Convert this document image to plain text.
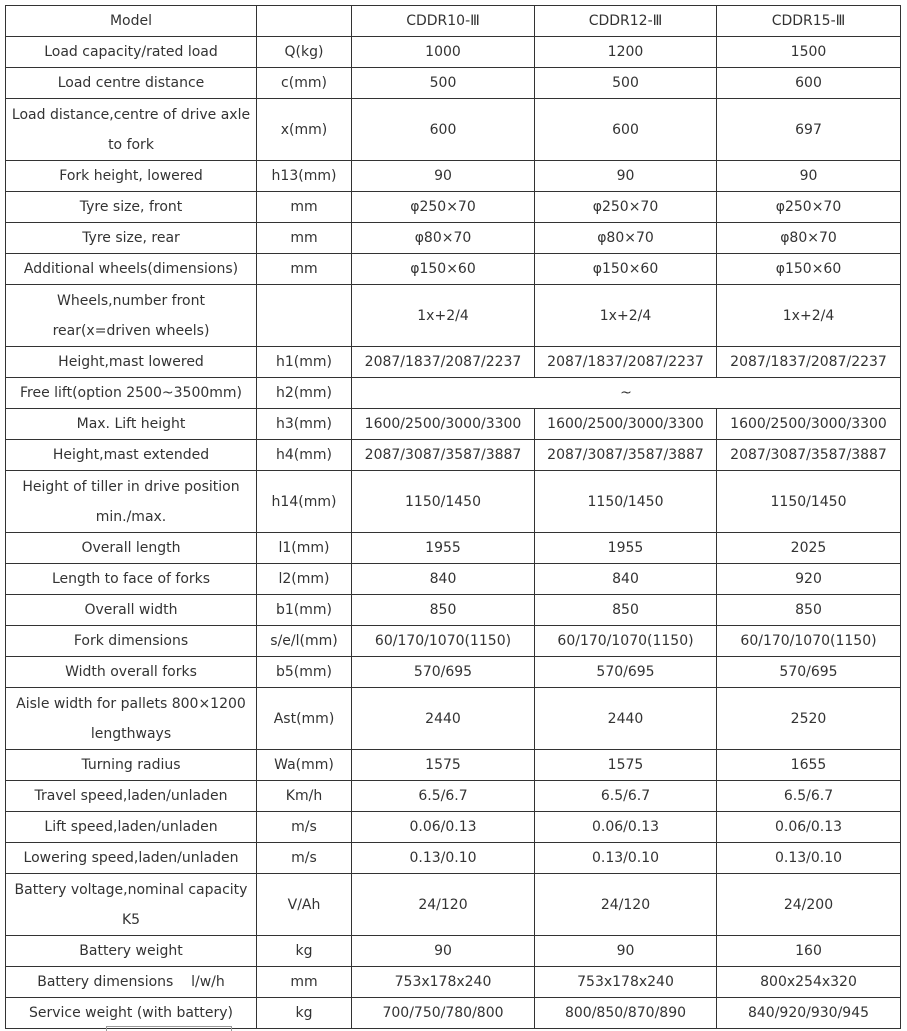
Model		CDDR10-Ⅲ	CDDR12-Ⅲ	CDDR15-Ⅲ
Load capacity/rated load	Q(kg)	1000	1200	1500
Load centre distance	c(mm)	500	500	600
Load distance,centre of drive axle to fork	x(mm)	600	600	697
Fork height, lowered	h13(mm)	90	90	90
Tyre size, front	mm	φ250×70	φ250×70	φ250×70
Tyre size, rear	mm	φ80×70	φ80×70	φ80×70
Additional wheels(dimensions)	mm	φ150×60	φ150×60	φ150×60
Wheels,number front rear(x=driven wheels)		1x+2/4	1x+2/4	1x+2/4
Height,mast lowered	h1(mm)	2087/1837/2087/2237	2087/1837/2087/2237	2087/1837/2087/2237
Free lift(option 2500~3500mm)	h2(mm)	~		
Max. Lift height	h3(mm)	1600/2500/3000/3300	1600/2500/3000/3300	1600/2500/3000/3300
Height,mast extended	h4(mm)	2087/3087/3587/3887	2087/3087/3587/3887	2087/3087/3587/3887
Height of tiller in drive position min./max.	h14(mm)	1150/1450	1150/1450	1150/1450
Overall length	l1(mm)	1955	1955	2025
Length to face of forks	l2(mm)	840	840	920
Overall width	b1(mm)	850	850	850
Fork dimensions	s/e/l(mm)	60/170/1070(1150)	60/170/1070(1150)	60/170/1070(1150)
Width overall forks	b5(mm)	570/695	570/695	570/695
Aisle width for pallets 800×1200 lengthways	Ast(mm)	2440	2440	2520
Turning radius	Wa(mm)	1575	1575	1655
Travel speed,laden/unladen	Km/h	6.5/6.7	6.5/6.7	6.5/6.7
Lift speed,laden/unladen	m/s	0.06/0.13	0.06/0.13	0.06/0.13
Lowering speed,laden/unladen	m/s	0.13/0.10	0.13/0.10	0.13/0.10
Battery voltage,nominal capacity K5	V/Ah	24/120	24/120	24/200
Battery weight	kg	90	90	160
Battery dimensions    l/w/h	mm	753x178x240	753x178x240	800x254x320
Service weight (with battery)	kg	700/750/780/800	800/850/870/890	840/920/930/945
